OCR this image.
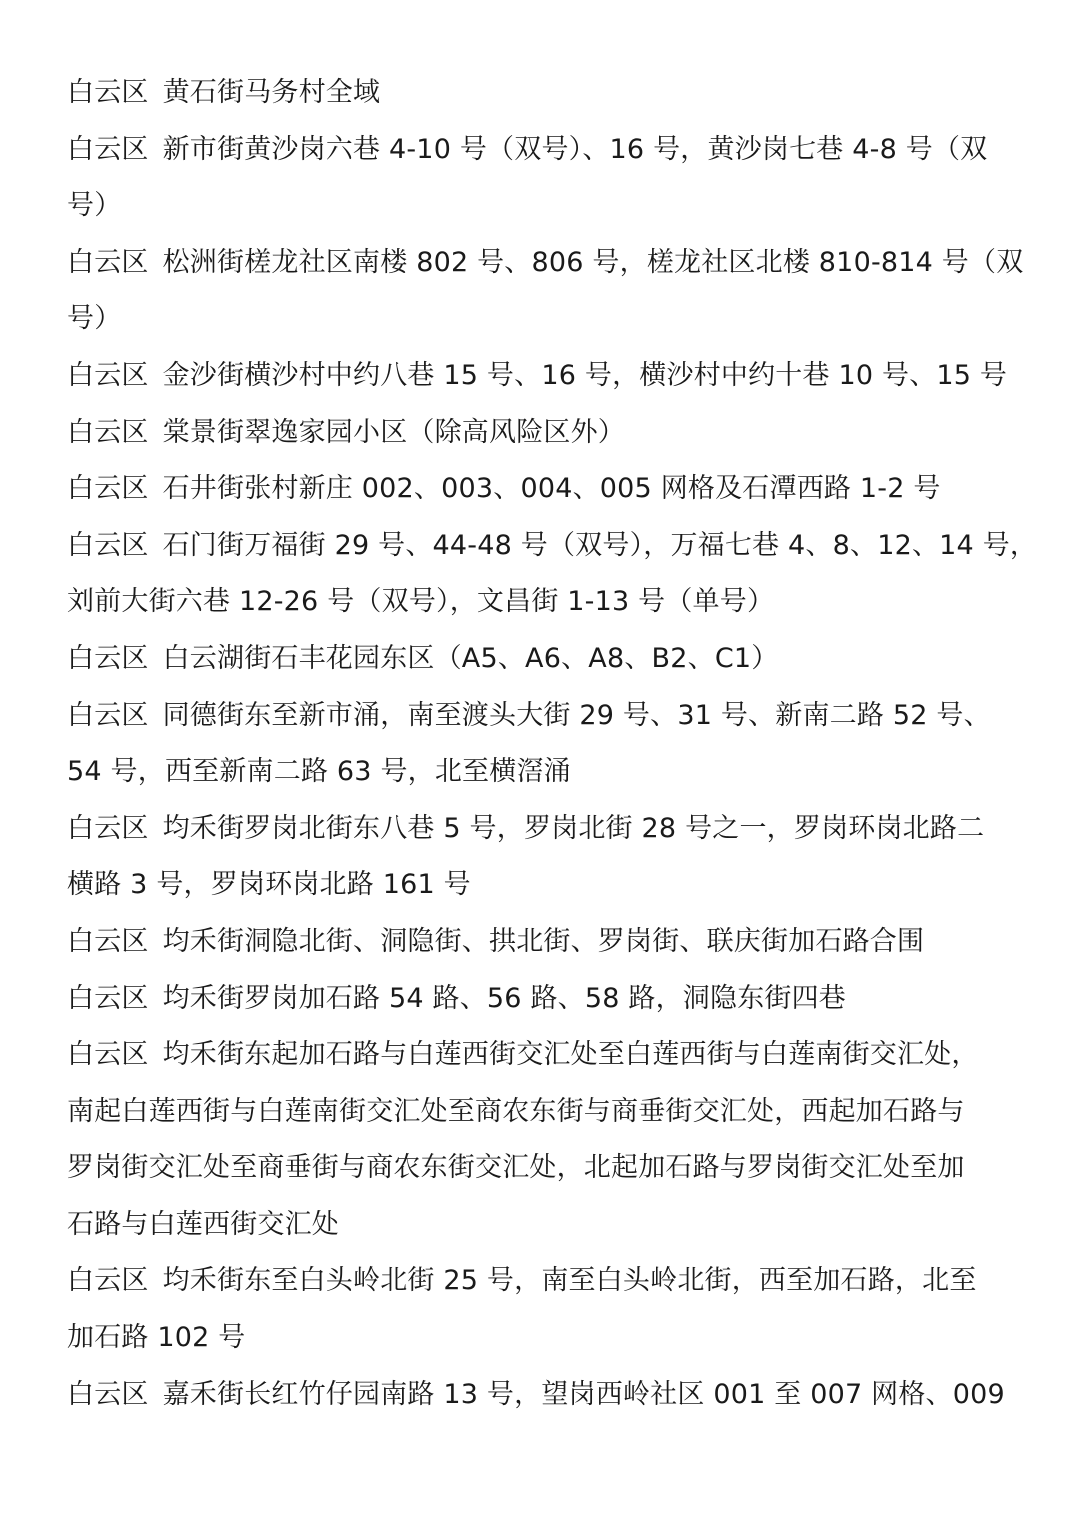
白云区 黄石街马务村全域
白云区 新市街黄沙岗六巷 4-10 号（双号）、16 号，黄沙岗七巷 4-8 号（双
号）
白云区 松洲街槎龙社区南楼 802 号、806 号，槎龙社区北楼 810-814 号（双
号）
白云区 金沙街横沙村中约八巷 15 号、16 号，横沙村中约十巷 10 号、15 号
白云区 棠景街翠逸家园小区（除高风险区外）
白云区 石井街张村新庄 002、003、004、005 网格及石潭西路 1-2 号
白云区 石门街万福街 29 号、44-48 号（双号），万福七巷 4、8、12、14 号，
刘前大街六巷 12-26 号（双号），文昌街 1-13 号（单号）
白云区 白云湖街石丰花园东区（A5、A6、A8、B2、C1）
白云区 同德街东至新市涌，南至渡头大街 29 号、31 号、新南二路 52 号、
54 号，西至新南二路 63 号，北至横滘涌
白云区 均禾街罗岗北街东八巷 5 号，罗岗北街 28 号之一，罗岗环岗北路二
横路 3 号，罗岗环岗北路 161 号
白云区 均禾街洞隐北街、洞隐街、拱北街、罗岗街、联庆街加石路合围
白云区 均禾街罗岗加石路 54 路、56 路、58 路，洞隐东街四巷
白云区 均禾街东起加石路与白莲西街交汇处至白莲西街与白莲南街交汇处，
南起白莲西街与白莲南街交汇处至商农东街与商垂街交汇处，西起加石路与
罗岗街交汇处至商垂街与商农东街交汇处，北起加石路与罗岗街交汇处至加
石路与白莲西街交汇处
白云区 均禾街东至白头岭北街 25 号，南至白头岭北街，西至加石路，北至
加石路 102 号
白云区 嘉禾街长红竹仔园南路 13 号，望岗西岭社区 001 至 007 网格、009
